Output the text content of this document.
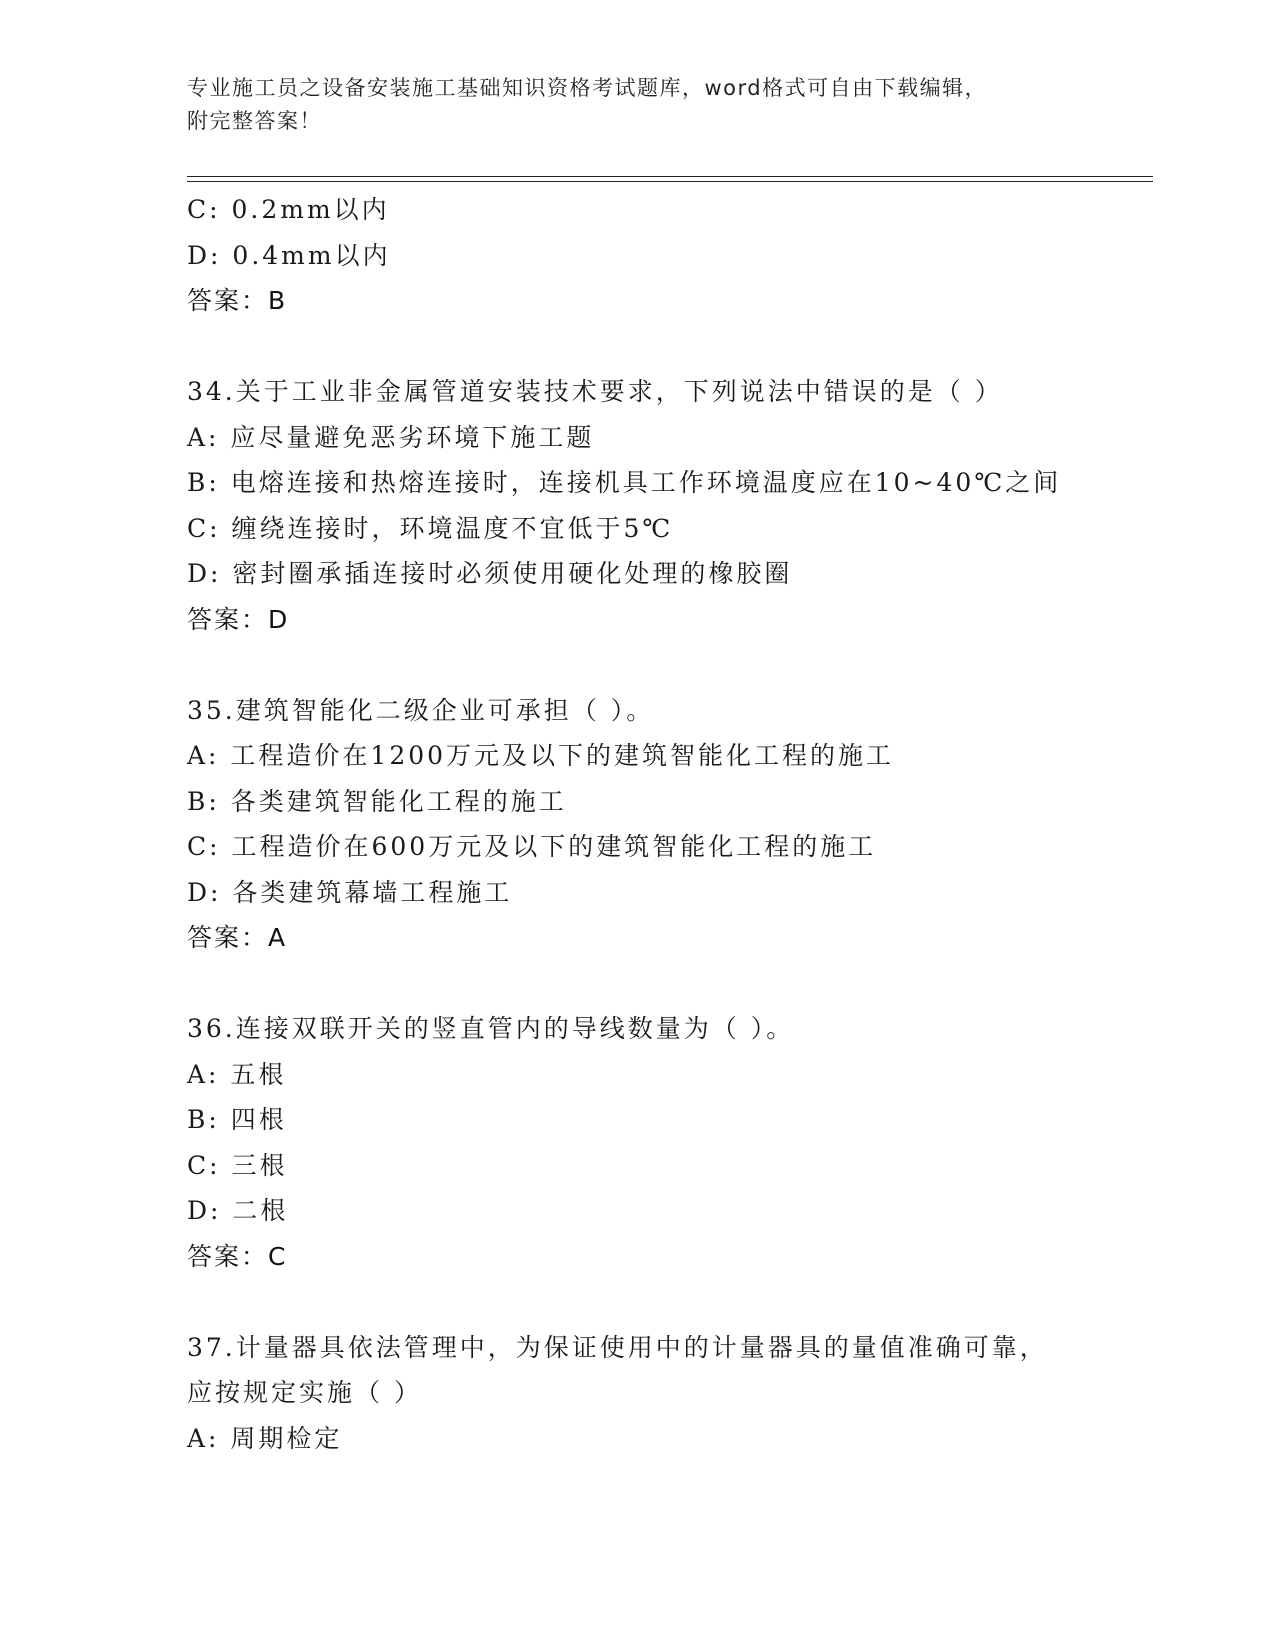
专业施工员之设备安装施工基础知识资格考试题库，word格式可自由下载编辑，
附完整答案！
C: 0.2mm以内
D: 0.4mm以内
答案：B
34.关于工业非金属管道安装技术要求，下列说法中错误的是（ ）
A: 应尽量避免恶劣环境下施工题
B: 电熔连接和热熔连接时，连接机具工作环境温度应在10~40℃之间
C: 缠绕连接时，环境温度不宜低于5℃
D: 密封圈承插连接时必须使用硬化处理的橡胶圈
答案：D
35.建筑智能化二级企业可承担（ ）。
A: 工程造价在1200万元及以下的建筑智能化工程的施工
B: 各类建筑智能化工程的施工
C: 工程造价在600万元及以下的建筑智能化工程的施工
D: 各类建筑幕墙工程施工
答案：A
36.连接双联开关的竖直管内的导线数量为（ ）。
A: 五根
B: 四根
C: 三根
D: 二根
答案：C
37.计量器具依法管理中，为保证使用中的计量器具的量值准确可靠，
应按规定实施（ ）
A: 周期检定
